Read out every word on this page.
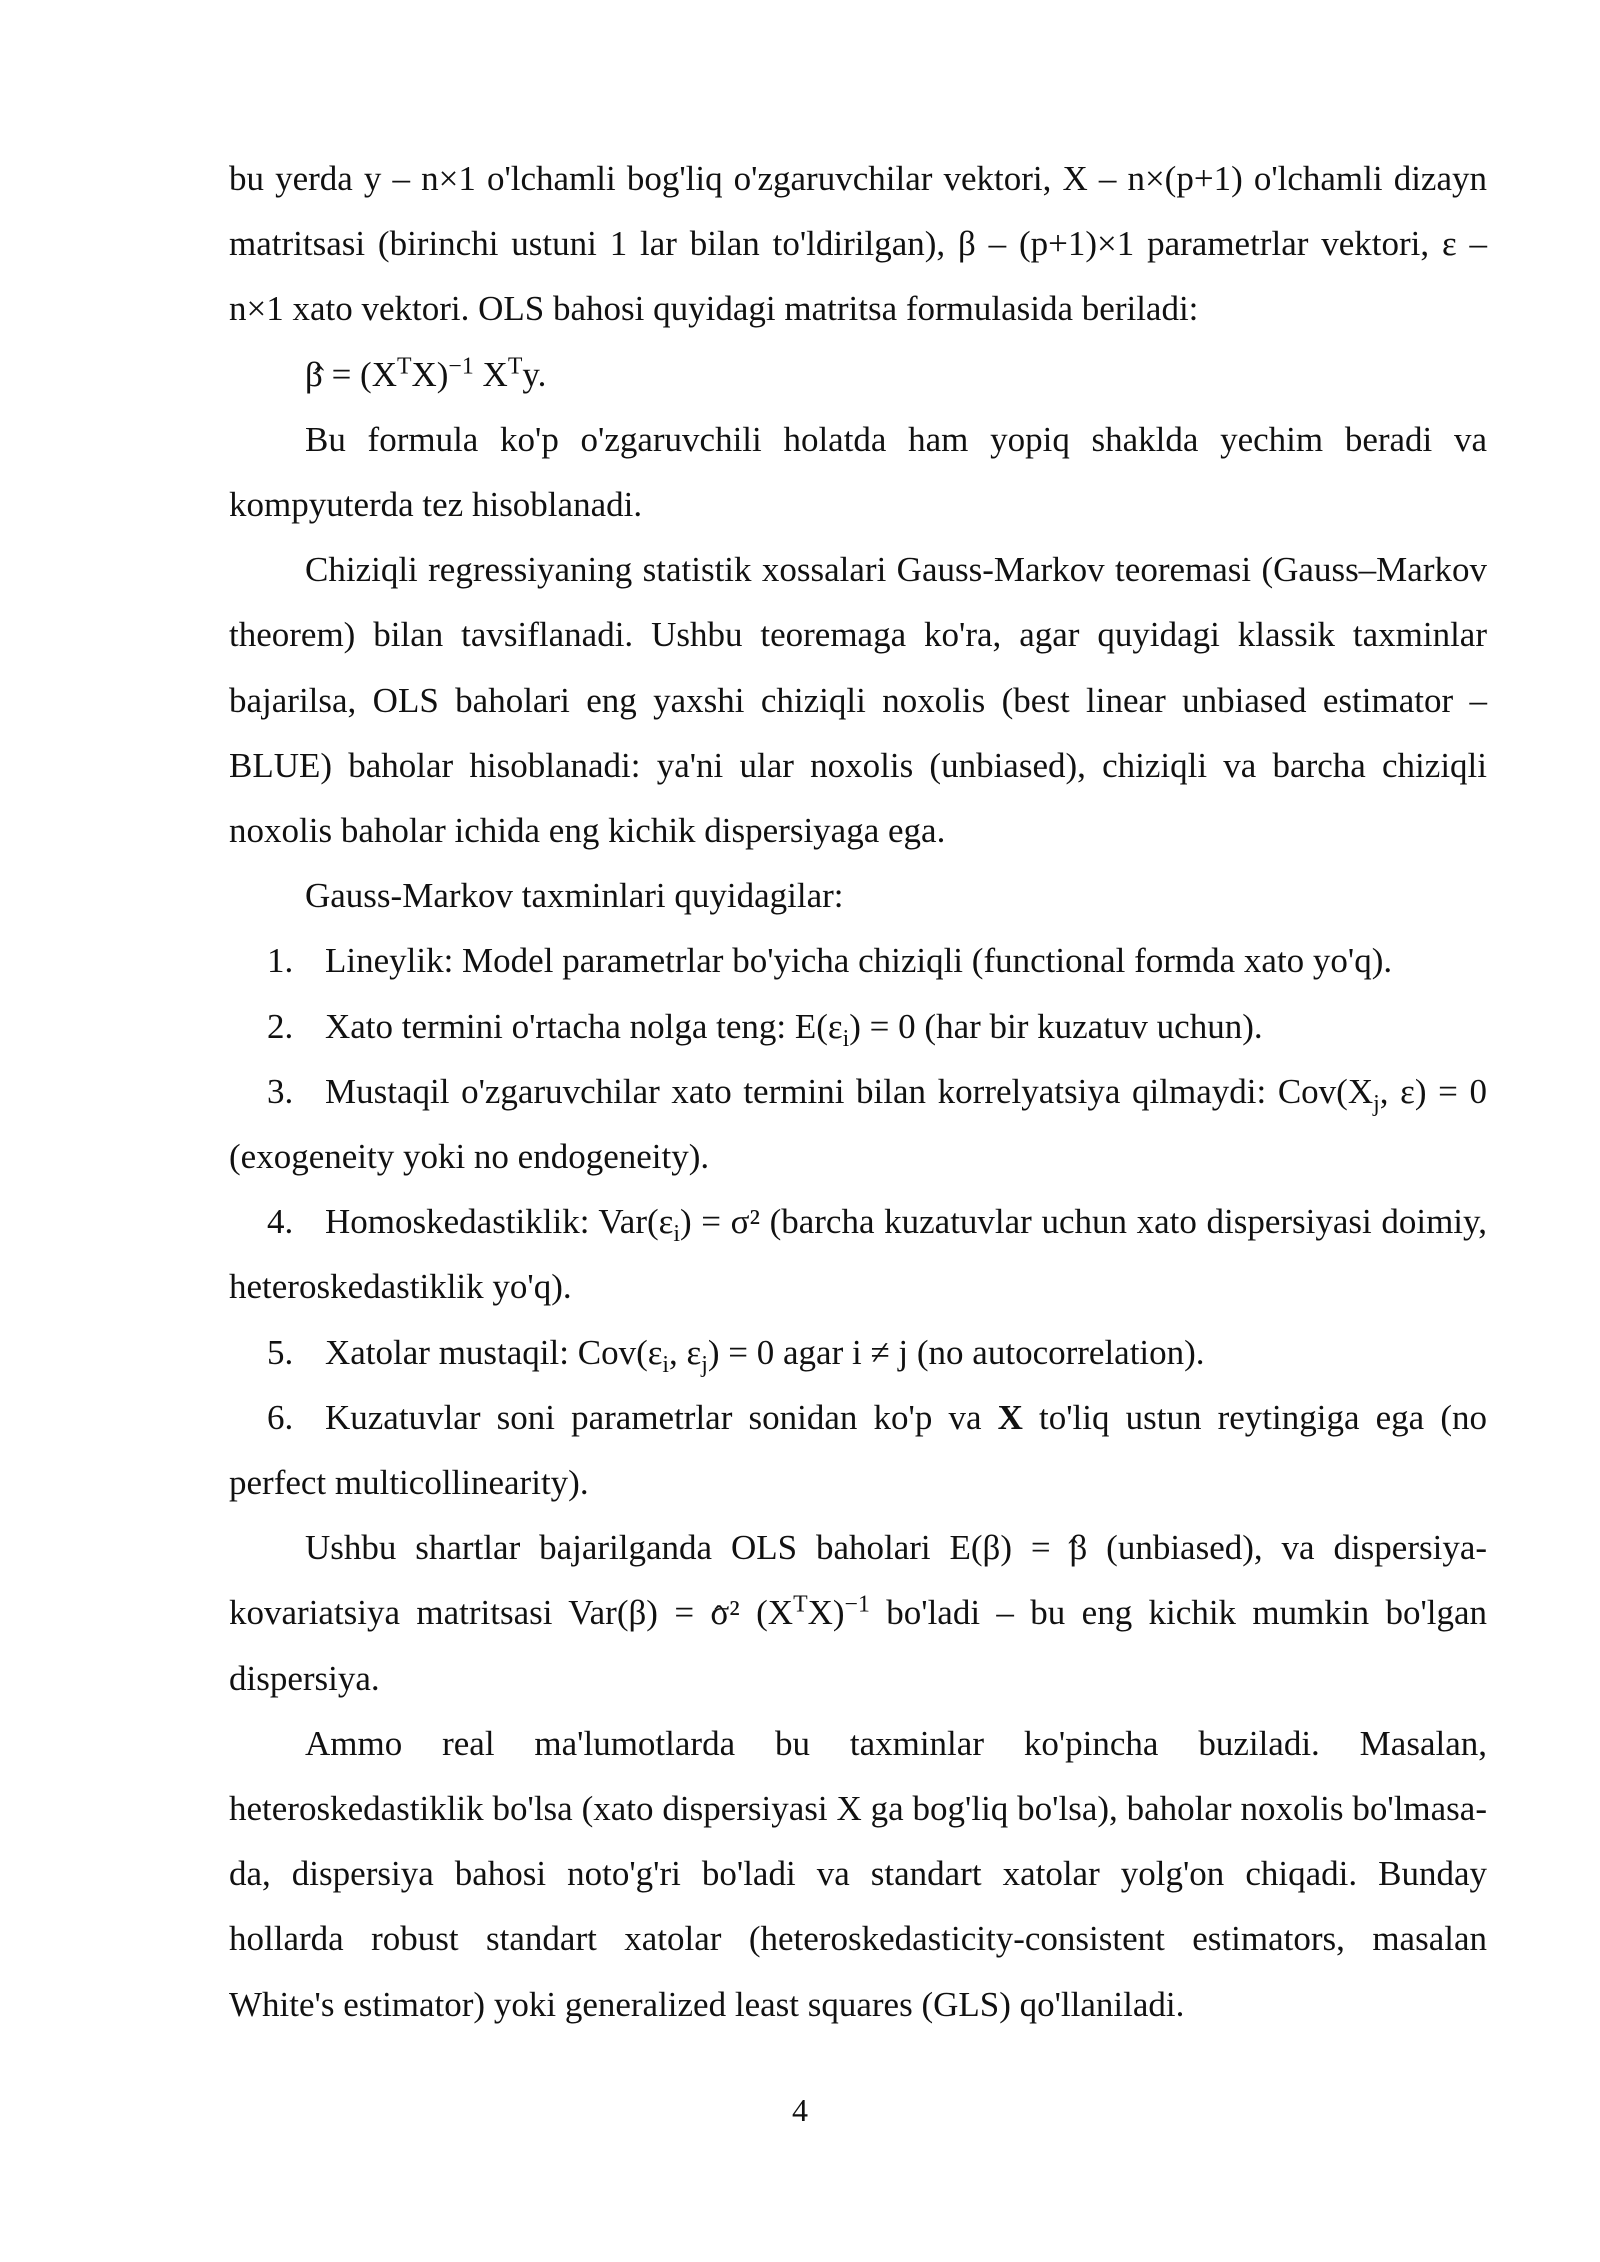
bu yerda y – n×1 o'lchamli bog'liq o'zgaruvchilar vektori, X – n×(p+1) o'lchamli dizayn matritsasi (birinchi ustuni 1 lar bilan to'ldirilgan), β – (p+1)×1 parametrlar vektori, ε – n×1 xato vektori. OLS bahosi quyidagi matritsa formulasida beriladi:

β ˆ = $(X^TX)^{-1}$ $X^Ty$.

Bu formula ko'p o'zgaruvchili holatda ham yopiq shaklda yechim beradi va kompyuterda tez hisoblanadi.

Chiziqli regressiyaning statistik xossalari Gauss-Markov teoremasi (Gauss–Markov theorem) bilan tavsiflanadi. Ushbu teoremaga ko'ra, agar quyidagi klassik taxminlar bajarilsa, OLS baholari eng yaxshi chiziqli noxolis (best linear unbiased estimator – BLUE) baholar hisoblanadi: ya'ni ular noxolis (unbiased), chiziqli va barcha chiziqli noxolis baholar ichida eng kichik dispersiyaga ega.

Gauss-Markov taxminlari quyidagilar:

1. Lineylik: Model parametrlar bo'yicha chiziqli (functional formda xato yo'q).

2. Xato termini o'rtacha nolga teng: $E(\varepsilon_i) = 0$ (har bir kuzatuv uchun).

3. Mustaqil o'zgaruvchilar xato termini bilan korrelyatsiya qilmaydi: $Cov(X_j$, ε) = 0 (exogeneity yoki no endogeneity).

4. Homoskedastiklik: $Var(\varepsilon_i) = \sigma^2$ (barcha kuzatuvlar uchun xato dispersiyasi doimiy, heteroskedastiklik yo'q).

5. Xatolar mustaqil: $Cov(\varepsilon_i$, $\varepsilon_j) = 0$ agar i ≠ j (no autocorrelation).

6. Kuzatuvlar soni parametrlar sonidan ko'p va X to'liq ustun reytingiga ega (no perfect multicollinearity).

Ushbu shartlar bajarilganda OLS baholari E(β ˆ) = β (unbiased), va dispersiya-kovariatsiya matritsasi Var(β ˆ) = σ² $(X^TX)^{-1}$ bo'ladi – bu eng kichik mumkin bo'lgan dispersiya.

Ammo real ma'lumotlarda bu taxminlar ko'pincha buziladi. Masalan, heteroskedastiklik bo'lsa (xato dispersiyasi X ga bog'liq bo'lsa), baholar noxolis bo'lmasa-da, dispersiya bahosi noto'g'ri bo'ladi va standart xatolar yolg'on chiqadi. Bunday hollarda robust standart xatolar (heteroskedasticity-consistent estimators, masalan White's estimator) yoki generalized least squares (GLS) qo'llaniladi.

4
